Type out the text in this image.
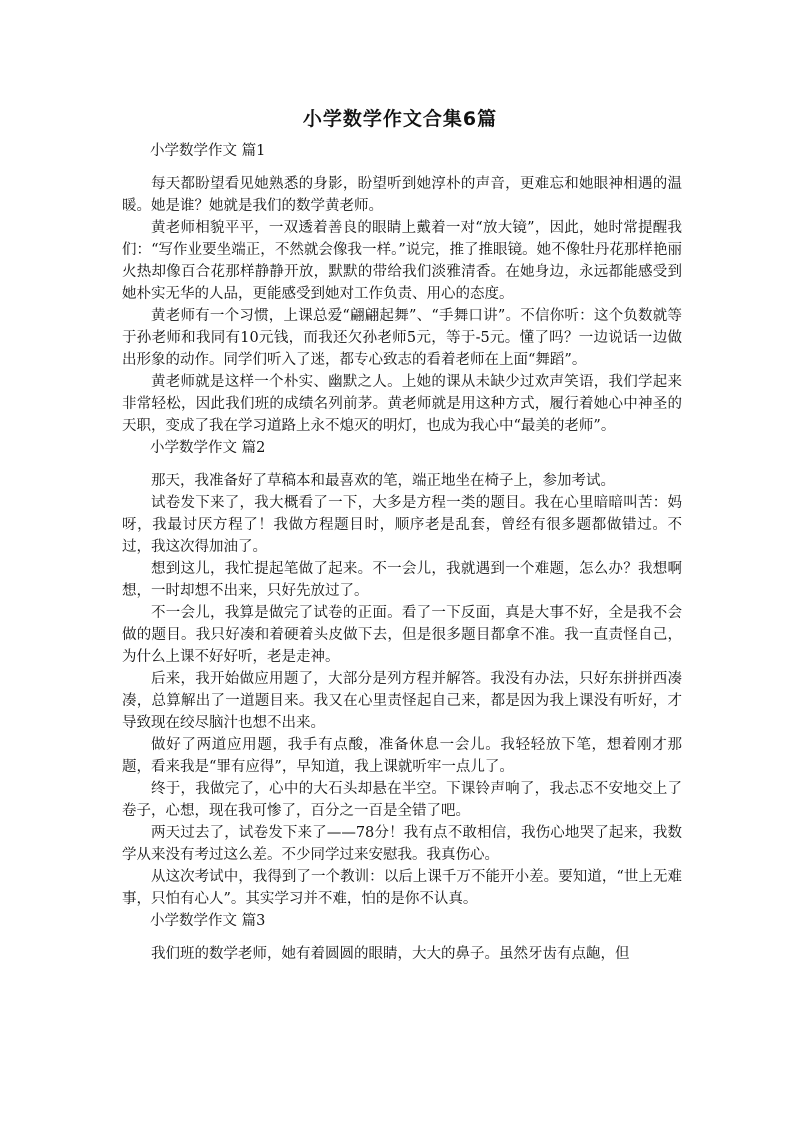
小学数学作文合集6篇
小学数学作文 篇1

每天都盼望看见她熟悉的身影，盼望听到她淳朴的声音，更难忘和她眼神相遇的温暖。她是谁？她就是我们的数学黄老师。

黄老师相貌平平，一双透着善良的眼睛上戴着一对“放大镜”，因此，她时常提醒我们：“写作业要坐端正，不然就会像我一样。”说完，推了推眼镜。她不像牡丹花那样艳丽火热却像百合花那样静静开放，默默的带给我们淡雅清香。在她身边，永远都能感受到她朴实无华的人品，更能感受到她对工作负责、用心的态度。

黄老师有一个习惯，上课总爱“翩翩起舞”、“手舞口讲”。不信你听：这个负数就等于孙老师和我同有10元钱，而我还欠孙老师5元，等于-5元。懂了吗？一边说话一边做出形象的动作。同学们听入了迷，都专心致志的看着老师在上面“舞蹈”。

黄老师就是这样一个朴实、幽默之人。上她的课从未缺少过欢声笑语，我们学起来非常轻松，因此我们班的成绩名列前茅。黄老师就是用这种方式，履行着她心中神圣的天职，变成了我在学习道路上永不熄灭的明灯，也成为我心中“最美的老师”。

小学数学作文 篇2

那天，我准备好了草稿本和最喜欢的笔，端正地坐在椅子上，参加考试。

试卷发下来了，我大概看了一下，大多是方程一类的题目。我在心里暗暗叫苦：妈呀，我最讨厌方程了！我做方程题目时，顺序老是乱套，曾经有很多题都做错过。不过，我这次得加油了。

想到这儿，我忙提起笔做了起来。不一会儿，我就遇到一个难题，怎么办？我想啊想，一时却想不出来，只好先放过了。

不一会儿，我算是做完了试卷的正面。看了一下反面，真是大事不好，全是我不会做的题目。我只好凑和着硬着头皮做下去，但是很多题目都拿不准。我一直责怪自己，为什么上课不好好听，老是走神。

后来，我开始做应用题了，大部分是列方程并解答。我没有办法，只好东拼拼西凑凑，总算解出了一道题目来。我又在心里责怪起自己来，都是因为我上课没有听好，才导致现在绞尽脑汁也想不出来。

做好了两道应用题，我手有点酸，准备休息一会儿。我轻轻放下笔，想着刚才那题，看来我是“罪有应得”，早知道，我上课就听牢一点儿了。

终于，我做完了，心中的大石头却悬在半空。下课铃声响了，我忐忑不安地交上了卷子，心想，现在我可惨了，百分之一百是全错了吧。

两天过去了，试卷发下来了——78分！我有点不敢相信，我伤心地哭了起来，我数学从来没有考过这么差。不少同学过来安慰我。我真伤心。

从这次考试中，我得到了一个教训：以后上课千万不能开小差。要知道，“世上无难事，只怕有心人”。其实学习并不难，怕的是你不认真。

小学数学作文 篇3

我们班的数学老师，她有着圆圆的眼睛，大大的鼻子。虽然牙齿有点龅，但
